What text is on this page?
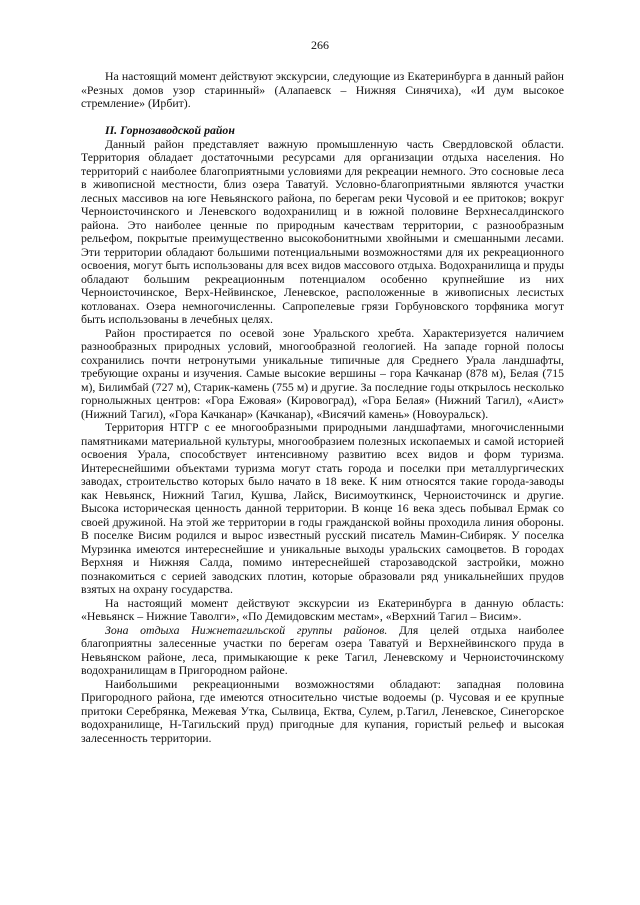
266

На настоящий момент действуют экскурсии, следующие из Екатеринбурга в данный район «Резных домов узор старинный» (Алапаевск – Нижняя Синячиха), «И дум высокое стремление» (Ирбит).

II. Горнозаводской район

Данный район представляет важную промышленную часть Свердловской области. Территория обладает достаточными ресурсами для организации отдыха населения. Но территорий с наиболее благоприятными условиями для рекреации немного. Это сосновые леса в живописной местности, близ озера Таватуй. Условно-благоприятными являются участки лесных массивов на юге Невьянского района, по берегам реки Чусовой и ее притоков; вокруг Черноисточинского и Леневского водохранилищ и в южной половине Верхнесалдинского района. Это наиболее ценные по природным качествам территории, с разнообразным рельефом, покрытые преимущественно высокобонитными хвойными и смешанными лесами. Эти территории обладают большими потенциальными возможностями для их рекреационного освоения, могут быть использованы для всех видов массового отдыха. Водохранилища и пруды обладают большим рекреационным потенциалом особенно крупнейшие из них Черноисточинское, Верх-Нейвинское, Леневское, расположенные в живописных лесистых котлованах. Озера немногочисленны. Сапропелевые грязи Горбуновского торфяника могут быть использованы в лечебных целях.

Район простирается по осевой зоне Уральского хребта. Характеризуется наличием разнообразных природных условий, многообразной геологией. На западе горной полосы сохранились почти нетронутыми уникальные типичные для Среднего Урала ландшафты, требующие охраны и изучения. Самые высокие вершины – гора Качканар (878 м), Белая (715 м), Билимбай (727 м), Старик-камень (755 м) и другие. За последние годы открылось несколько горнолыжных центров: «Гора Ежовая» (Кировоград), «Гора Белая» (Нижний Тагил), «Аист» (Нижний Тагил), «Гора Качканар» (Качканар), «Висячий камень» (Новоуральск).

Территория НТГР с ее многообразными природными ландшафтами, многочисленными памятниками материальной культуры, многообразием полезных ископаемых и самой историей освоения Урала, способствует интенсивному развитию всех видов и форм туризма. Интереснейшими объектами туризма могут стать города и поселки при металлургических заводах, строительство которых было начато в 18 веке. К ним относятся такие города-заводы как Невьянск, Нижний Тагил, Кушва, Лайск, Висимоуткинск, Черноисточинск и другие. Высока историческая ценность данной территории. В конце 16 века здесь побывал Ермак со своей дружиной. На этой же территории в годы гражданской войны проходила линия обороны. В поселке Висим родился и вырос известный русский писатель Мамин-Сибиряк. У поселка Мурзинка имеются интереснейшие и уникальные выходы уральских самоцветов. В городах Верхняя и Нижняя Салда, помимо интереснейшей старозаводской застройки, можно познакомиться с серией заводских плотин, которые образовали ряд уникальнейших прудов взятых на охрану государства.

На настоящий момент действуют экскурсии из Екатеринбурга в данную область: «Невьянск – Нижние Таволги», «По Демидовским местам», «Верхний Тагил – Висим».

Зона отдыха Нижнетагильской группы районов. Для целей отдыха наиболее благоприятны залесенные участки по берегам озера Таватуй и Верхнейвинского пруда в Невьянском районе, леса, примыкающие к реке Тагил, Леневскому и Черноисточинскому водохранилищам в Пригородном районе.

Наибольшими рекреационными возможностями обладают: западная половина Пригородного района, где имеются относительно чистые водоемы (р. Чусовая и ее крупные притоки Серебрянка, Межевая Утка, Сылвица, Ектва, Сулем, р.Тагил, Леневское, Синегорское водохранилище, Н-Тагильский пруд) пригодные для купания, гористый рельеф и высокая залесенность территории.
